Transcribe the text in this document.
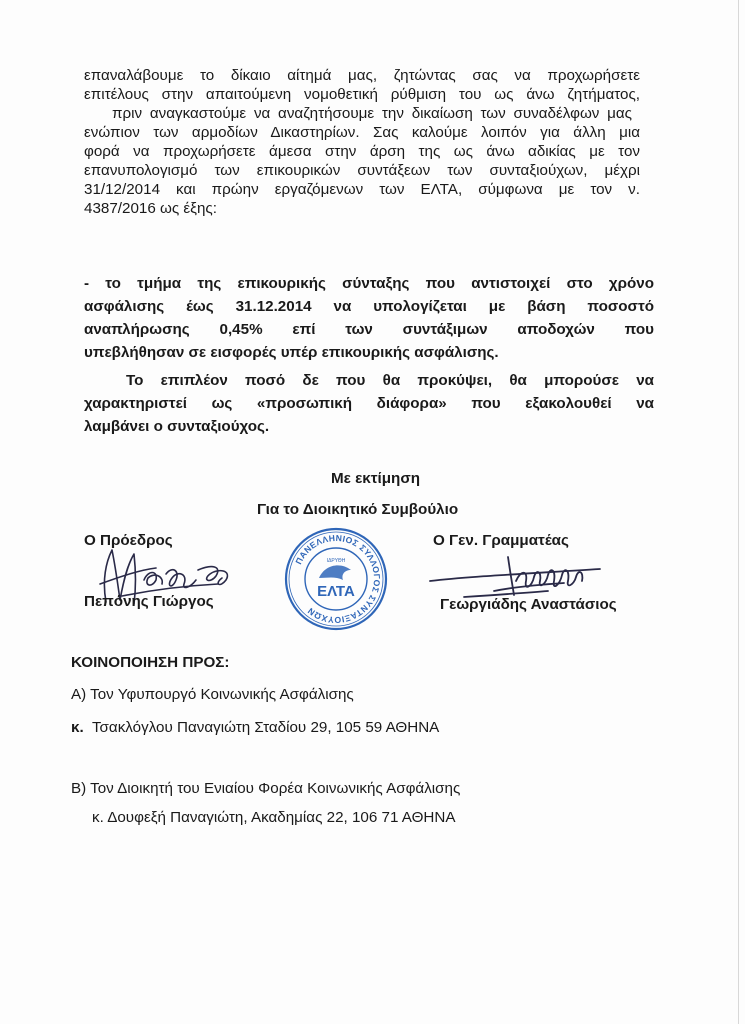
επαναλάβουμε το δίκαιο αίτημά μας, ζητώντας σας να προχωρήσετε
επιτέλους στην απαιτούμενη νομοθετική ρύθμιση του ως άνω ζητήματος,
πριν αναγκαστούμε να αναζητήσουμε την δικαίωση των συναδέλφων μας
ενώπιον των αρμοδίων Δικαστηρίων. Σας καλούμε λοιπόν για άλλη μια
φορά να προχωρήσετε άμεσα στην άρση της ως άνω αδικίας με τον
επανυπολογισμό των επικουρικών συντάξεων των συνταξιούχων, μέχρι
31/12/2014 και πρώην εργαζόμενων των ΕΛΤΑ, σύμφωνα με τον ν.
4387/2016 ως έξης:
- το τμήμα της επικουρικής σύνταξης που αντιστοιχεί στο χρόνο
ασφάλισης έως 31.12.2014 να υπολογίζεται με βάση ποσοστό
αναπλήρωσης 0,45% επί των συντάξιμων αποδοχών που
υπεβλήθησαν σε εισφορές υπέρ επικουρικής ασφάλισης.
Το επιπλέον ποσό δε που θα προκύψει, θα μπορούσε να
χαρακτηριστεί ως «προσωπική διάφορα» που εξακολουθεί να
λαμβάνει ο συνταξιούχος.
Με εκτίμηση
Για το Διοικητικό Συμβούλιο
Ο Πρόεδρος
Πεπόνης Γιώργος
ΠΑΝΕΛΛΗΝΙΟΣ ΣΥΛΛΟΓΟΣ ΣΥΝΤΑΞΙΟΥΧΩΝ
ΙΔΡΥΘΗ
ΕΛΤΑ
Ο Γεν. Γραμματέας
Γεωργιάδης Αναστάσιος
ΚΟΙΝΟΠΟΙΗΣΗ ΠΡΟΣ:
Α) Τον Υφυπουργό Κοινωνικής Ασφάλισης
κ. Τσακλόγλου Παναγιώτη Σταδίου 29, 105 59 ΑΘΗΝΑ
Β) Τον Διοικητή του Ενιαίου Φορέα Κοινωνικής Ασφάλισης
κ. Δουφεξή Παναγιώτη, Ακαδημίας 22, 106 71 ΑΘΗΝΑ
